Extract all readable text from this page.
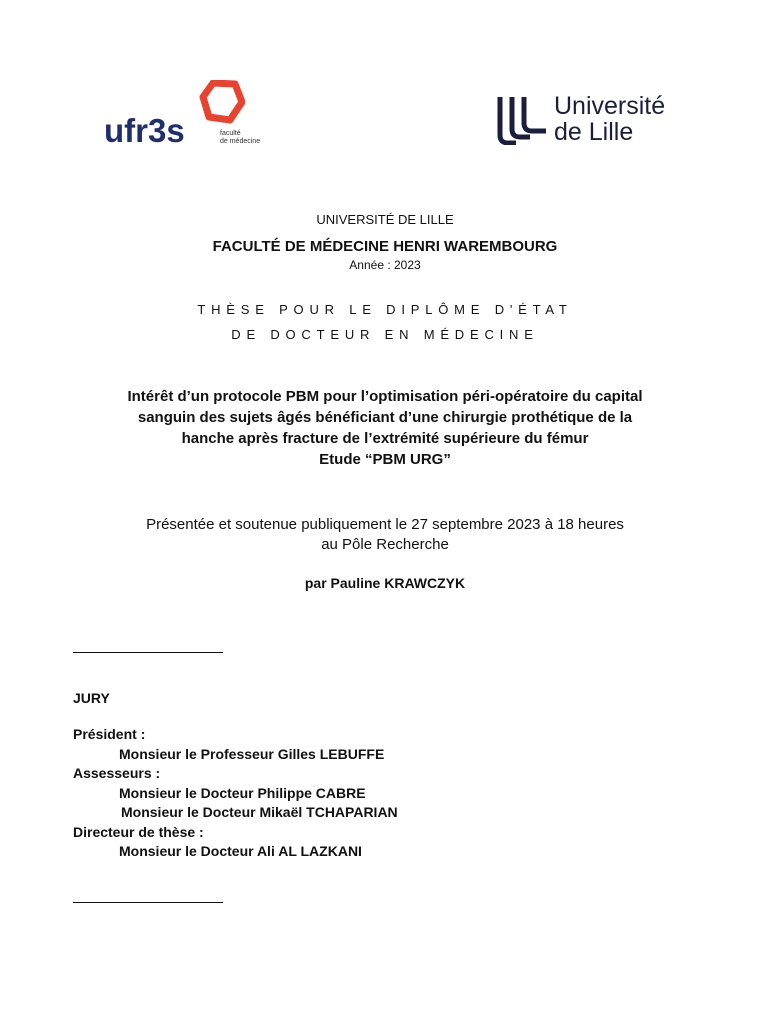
ufr3s	faculté
de médecine
Université
de Lille
UNIVERSITÉ DE LILLE
FACULTÉ DE MÉDECINE HENRI WAREMBOURG
Année : 2023
THÈSE POUR LE DIPLÔME D'ÉTAT
DE DOCTEUR EN MÉDECINE
Intérêt d’un protocole PBM pour l’optimisation péri-opératoire du capital
sanguin des sujets âgés bénéficiant d’une chirurgie prothétique de la
hanche après fracture de l’extrémité supérieure du fémur
Etude “PBM URG”
Présentée et soutenue publiquement le 27 septembre 2023 à 18 heures
au Pôle Recherche
par Pauline KRAWCZYK
JURY
Président :
Monsieur le Professeur Gilles LEBUFFE
Assesseurs :
Monsieur le Docteur Philippe CABRE
Monsieur le Docteur Mikaël TCHAPARIAN
Directeur de thèse :
Monsieur le Docteur Ali AL LAZKANI
